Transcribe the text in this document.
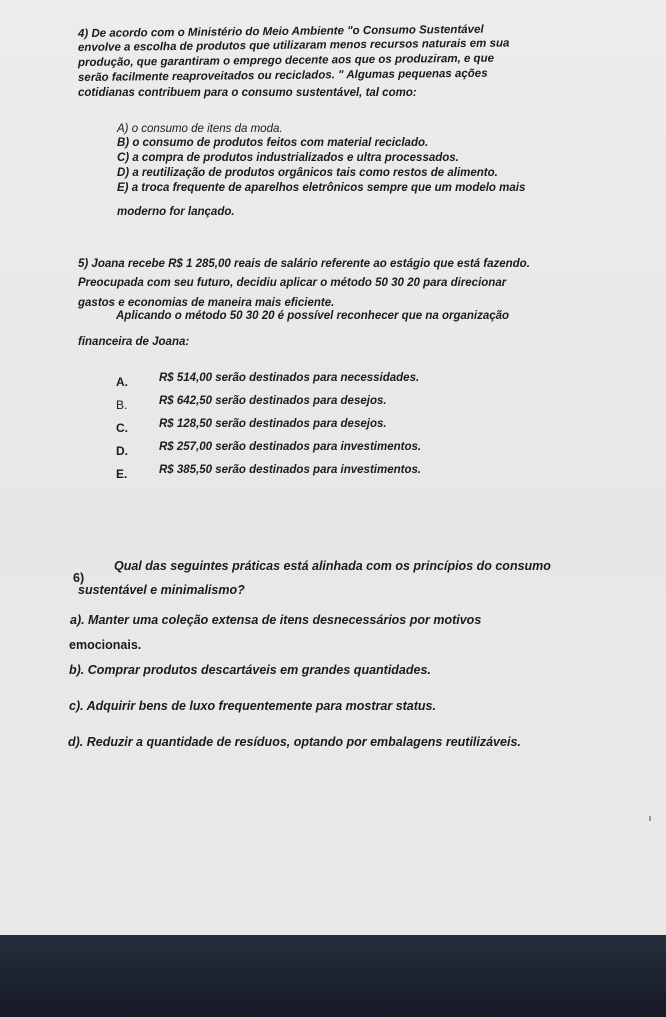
4) De acordo com o Ministério do Meio Ambiente "o Consumo Sustentável
envolve a escolha de produtos que utilizaram menos recursos naturais em sua
produção, que garantiram o emprego decente aos que os produziram, e que
serão facilmente reaproveitados ou reciclados. " Algumas pequenas ações
cotidianas contribuem para o consumo sustentável, tal como:
A) o consumo de itens da moda.
B) o consumo de produtos feitos com material reciclado.
C) a compra de produtos industrializados e ultra processados.
D) a reutilização de produtos orgânicos tais como restos de alimento.
E) a troca frequente de aparelhos eletrônicos sempre que um modelo mais
moderno for lançado.
5) Joana recebe R$ 1 285,00 reais de salário referente ao estágio que está fazendo.
Preocupada com seu futuro, decidiu aplicar o método 50 30 20 para direcionar
gastos e economias de maneira mais eficiente.
Aplicando o método 50 30 20 é possível reconhecer que na organização
financeira de Joana:
A.	R$ 514,00 serão destinados para necessidades.
B.	R$ 642,50 serão destinados para desejos.
C.	R$ 128,50 serão destinados para desejos.
D.	R$ 257,00 serão destinados para investimentos.
E.	R$ 385,50 serão destinados para investimentos.
6)
Qual das seguintes práticas está alinhada com os princípios do consumo
sustentável e minimalismo?
a). Manter uma coleção extensa de itens desnecessários por motivos
emocionais.
b). Comprar produtos descartáveis em grandes quantidades.
c). Adquirir bens de luxo frequentemente para mostrar status.
d). Reduzir a quantidade de resíduos, optando por embalagens reutilizáveis.
